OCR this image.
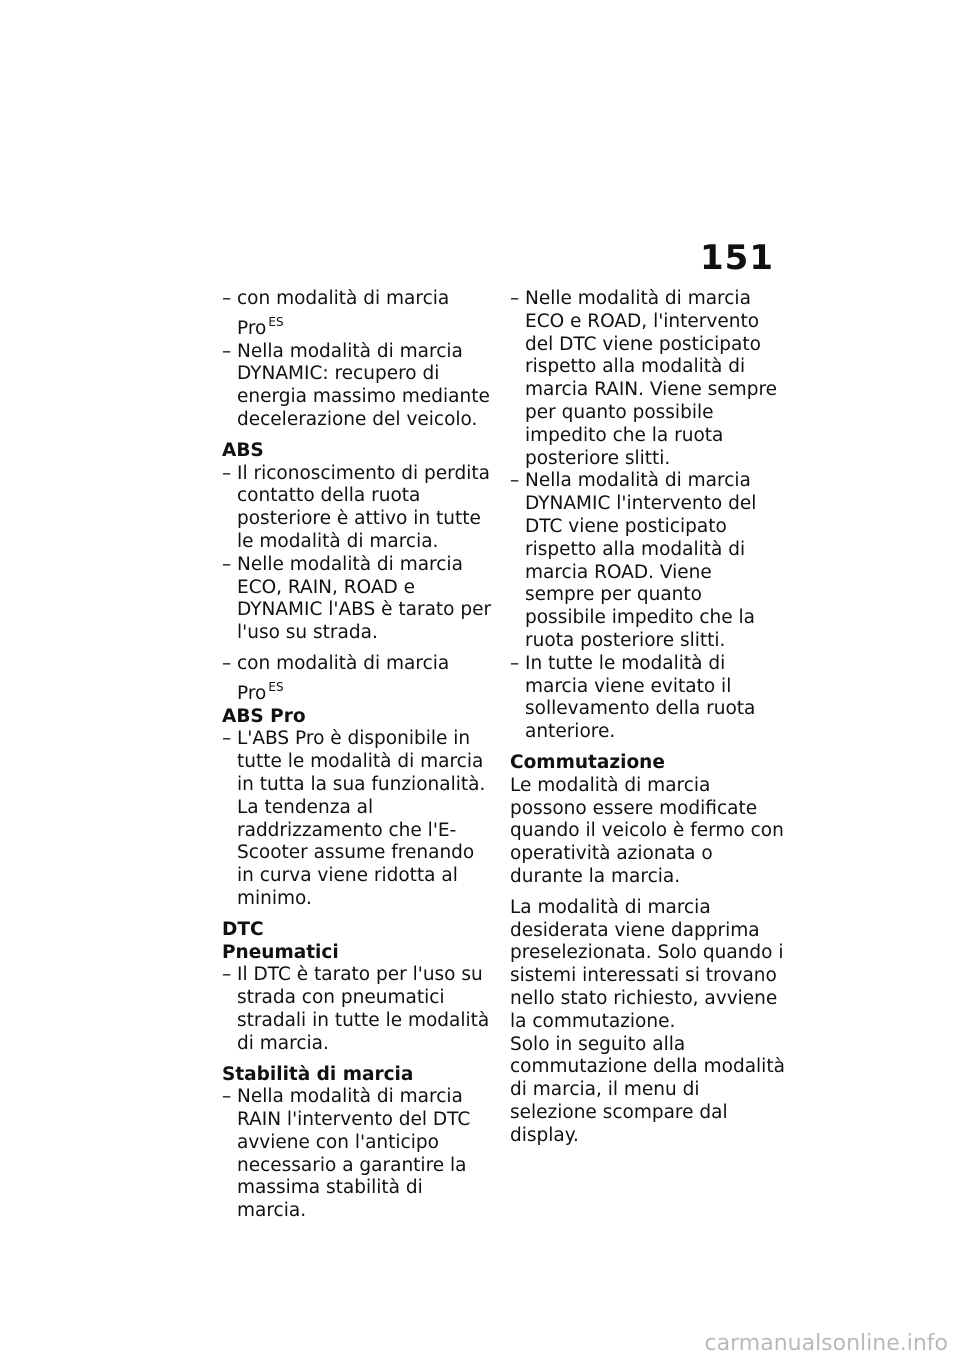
151
– con modalità di marcia Pro $^{ES}$
– Nella modalità di marcia DYNAMIC: recupero di energia massimo mediante decelerazione del veicolo.
ABS
– Il riconoscimento di perdita contatto della ruota posteriore è attivo in tutte le modalità di marcia.
– Nelle modalità di marcia ECO, RAIN, ROAD e DYNAMIC l'ABS è tarato per l'uso su strada.
– con modalità di marcia Pro $^{ES}$
ABS Pro
– L'ABS Pro è disponibile in tutte le modalità di marcia in tutta la sua funzionalità. La tendenza al raddrizzamento che l'E-Scooter assume frenando in curva viene ridotta al minimo.
DTC
Pneumatici
– Il DTC è tarato per l'uso su strada con pneumatici stradali in tutte le modalità di marcia.
Stabilità di marcia
– Nella modalità di marcia RAIN l'intervento del DTC avviene con l'anticipo necessario a garantire la massima stabilità di marcia.
– Nelle modalità di marcia ECO e ROAD, l'intervento del DTC viene posticipato rispetto alla modalità di marcia RAIN. Viene sempre per quanto possibile impedito che la ruota posteriore slitti.
– Nella modalità di marcia DYNAMIC l'intervento del DTC viene posticipato rispetto alla modalità di marcia ROAD. Viene sempre per quanto possibile impedito che la ruota posteriore slitti.
– In tutte le modalità di marcia viene evitato il sollevamento della ruota anteriore.
Commutazione
Le modalità di marcia possono essere modificate quando il veicolo è fermo con operatività azionata o durante la marcia.
La modalità di marcia desiderata viene dapprima preselezionata. Solo quando i sistemi interessati si trovano nello stato richiesto, avviene la commutazione.
Solo in seguito alla commutazione della modalità di marcia, il menu di selezione scompare dal display.
carmanualsonline.info
